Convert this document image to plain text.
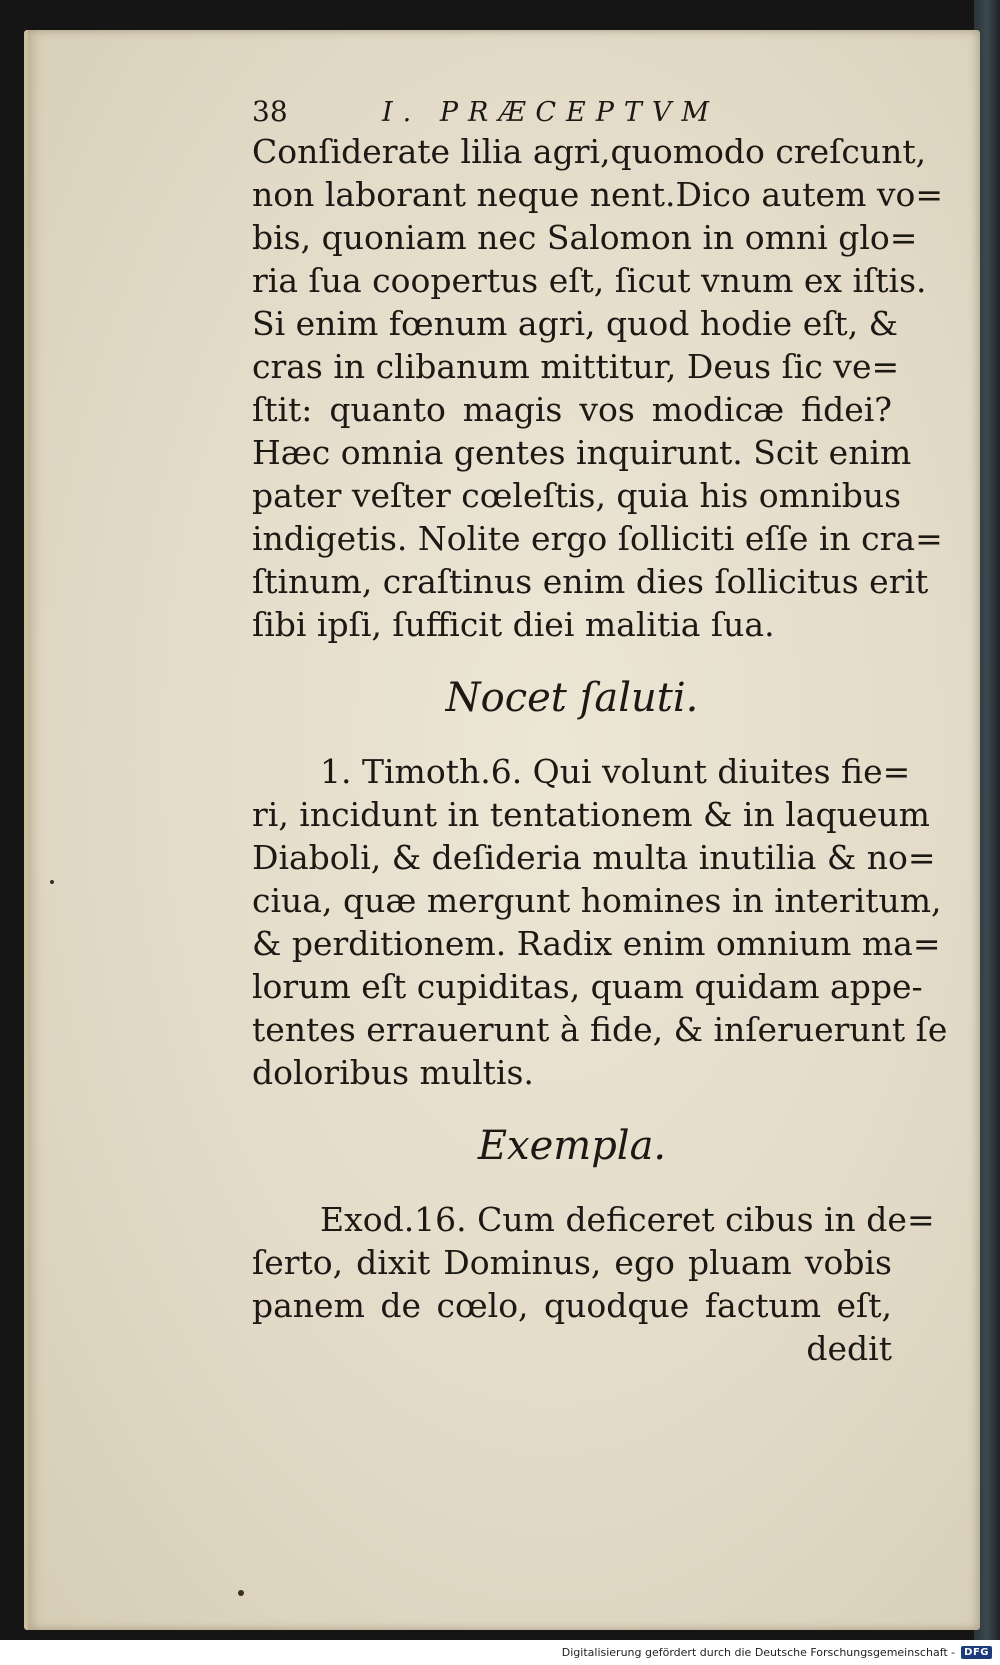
38	I. PRÆCEPTVM
Conſiderate lilia agri,quomodo creſcunt,
non laborant neque nent.Dico autem vo=
bis, quoniam nec Salomon in omni glo=
ria ſua coopertus eſt, ſicut vnum ex iſtis.
Si enim fœnum agri, quod hodie eſt, &
cras in clibanum mittitur, Deus ſic ve=
ſtit: quanto magis vos modicæ fidei?
Hæc omnia gentes inquirunt. Scit enim
pater veſter cœleſtis, quia his omnibus
indigetis. Nolite ergo ſolliciti eſſe in cra=
ſtinum, craſtinus enim dies ſollicitus erit
ſibi ipſi, ſufficit diei malitia ſua.
Nocet ſaluti.
1. Timoth.6. Qui volunt diuites fie=
ri, incidunt in tentationem & in laqueum
Diaboli, & deſideria multa inutilia & no=
ciua, quæ mergunt homines in interitum,
& perditionem. Radix enim omnium ma=
lorum eſt cupiditas, quam quidam appe-
tentes errauerunt à fide, & inſeruerunt ſe
doloribus multis.
Exempla.
Exod.16. Cum deficeret cibus in de=
ſerto, dixit Dominus, ego pluam vobis
panem de cœlo, quodque factum eſt,
dedit
Digitalisierung gefördert durch die Deutsche Forschungsgemeinschaft - DFG
